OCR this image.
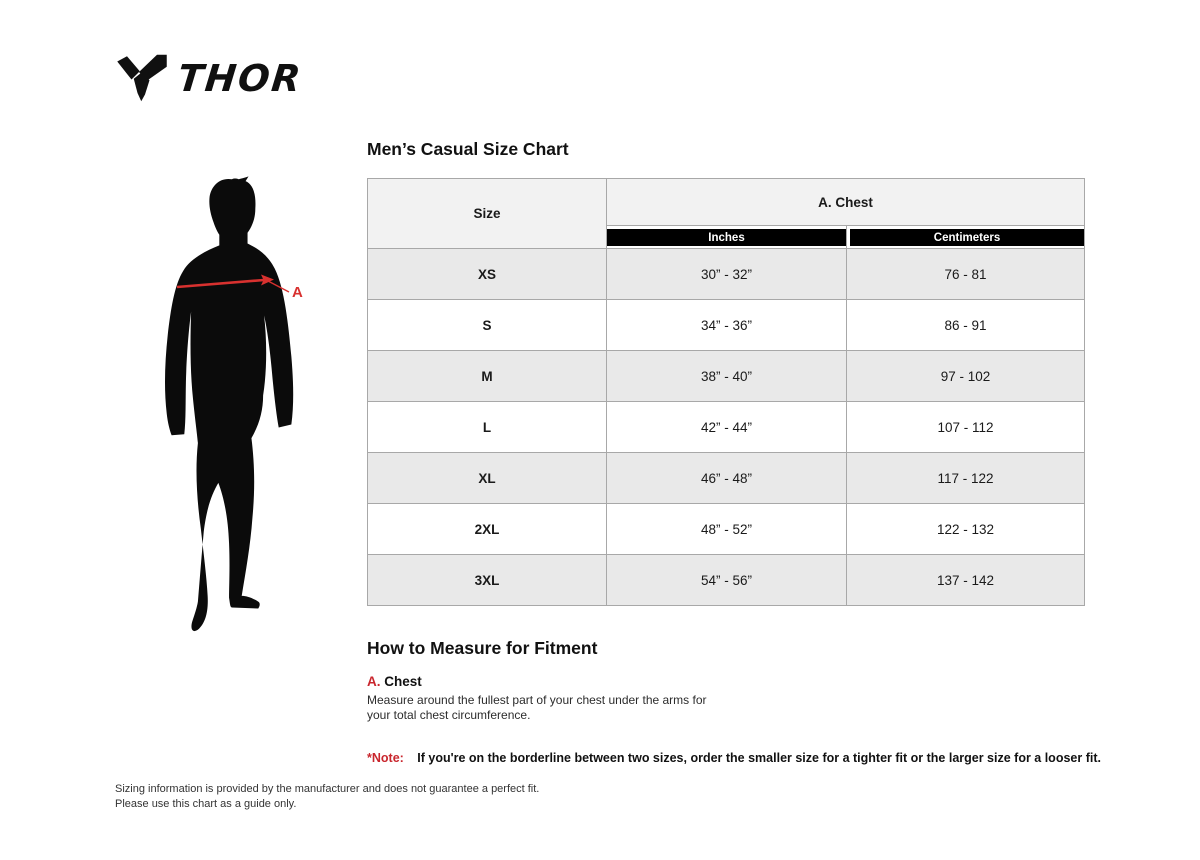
THOR
A
Men’s Casual Size Chart
Size
A. Chest
Inches	Centimeters
XS	30” - 32”	76 - 81
S	34” - 36”	86 - 91
M	38” - 40”	97 - 102
L	42” - 44”	107 - 112
XL	46” - 48”	117 - 122
2XL	48” - 52”	122 - 132
3XL	54” - 56”	137 - 142
How to Measure for Fitment
A. Chest
Measure around the fullest part of your chest under the arms for your total chest circumference.
*Note: If you're on the borderline between two sizes, order the smaller size for a tighter fit or the larger size for a looser fit.
Sizing information is provided by the manufacturer and does not guarantee a perfect fit.
Please use this chart as a guide only.
